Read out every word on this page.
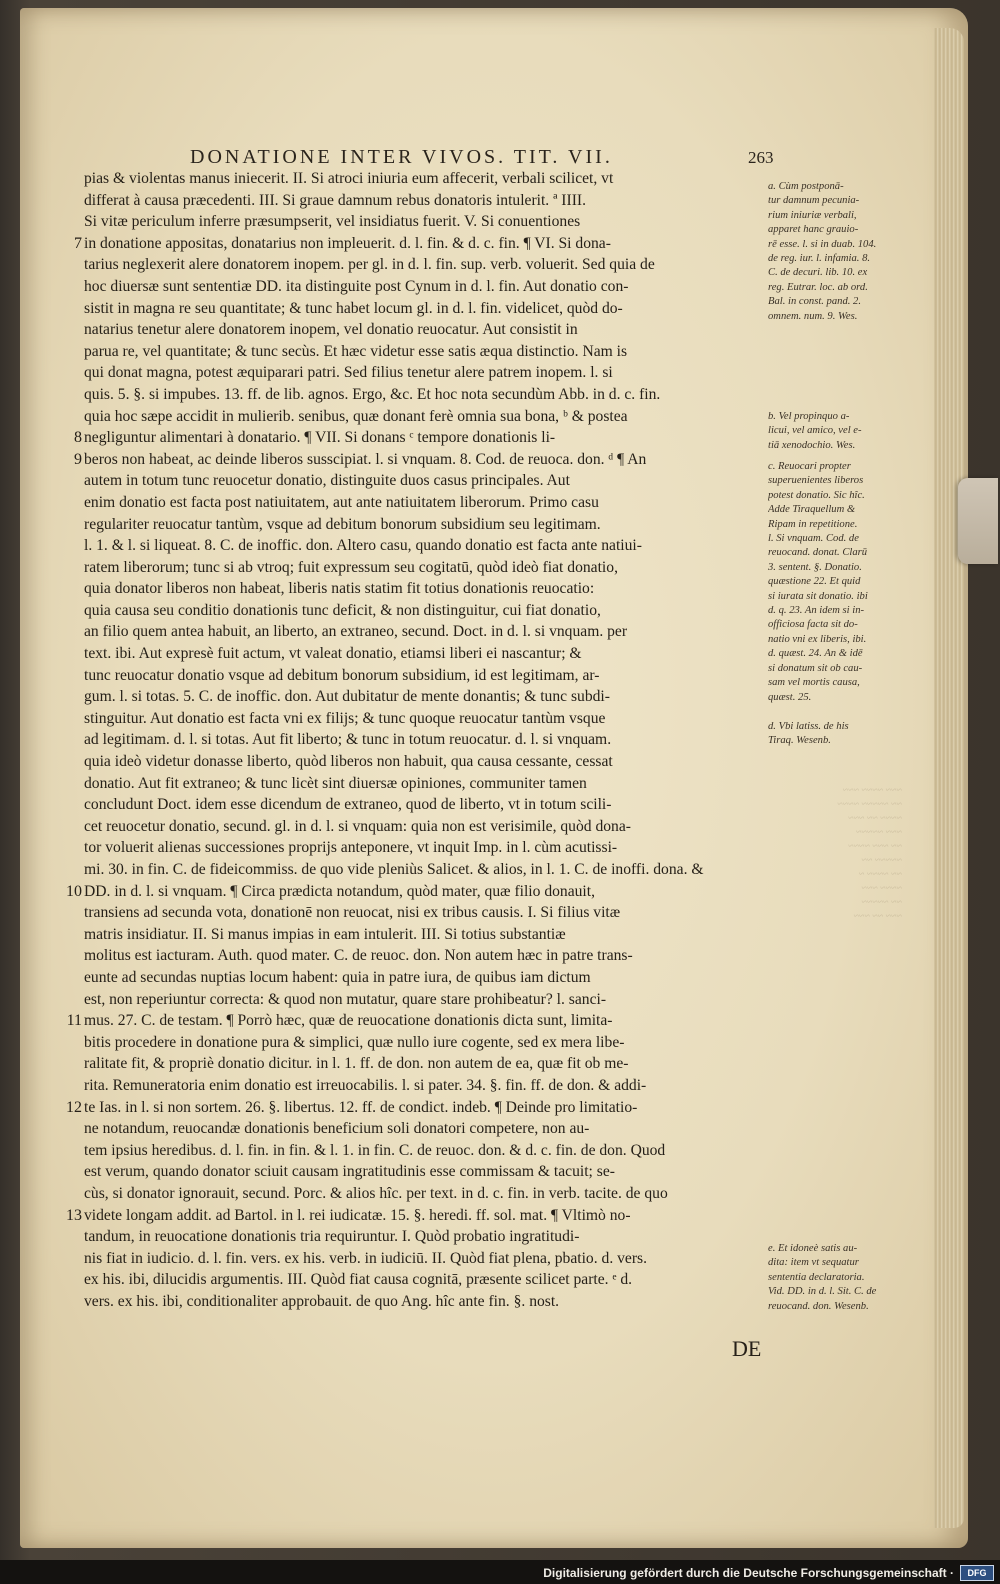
DONATIONE INTER VIVOS. TIT. VII.	263
pias & violentas manus iniecerit. II. Si atroci iniuria eum affecerit, verbali scilicet, vt
differat à causa præcedenti. III. Si graue damnum rebus donatoris intulerit. ª IIII.
Si vitæ periculum inferre præsumpserit, vel insidiatus fuerit. V. Si conuentiones
7 in donatione appositas, donatarius non impleuerit. d. l. fin. & d. c. fin. ¶ VI. Si dona-
tarius neglexerit alere donatorem inopem. per gl. in d. l. fin. sup. verb. voluerit. Sed quia de
hoc diuersæ sunt sententiæ DD. ita distinguite post Cynum in d. l. fin. Aut donatio con-
sistit in magna re seu quantitate; & tunc habet locum gl. in d. l. fin. videlicet, quòd do-
natarius tenetur alere donatorem inopem, vel donatio reuocatur. Aut consistit in
parua re, vel quantitate; & tunc secùs. Et hæc videtur esse satis æqua distinctio. Nam is
qui donat magna, potest æquiparari patri. Sed filius tenetur alere patrem inopem. l. si
quis. 5. §. si impubes. 13. ff. de lib. agnos. Ergo, &c. Et hoc nota secundùm Abb. in d. c. fin.
quia hoc sæpe accidit in mulierib. senibus, quæ donant ferè omnia sua bona, ᵇ & postea
8 negliguntur alimentari à donatario. ¶ VII. Si donans ᶜ tempore donationis li-
9 beros non habeat, ac deinde liberos susscipiat. l. si vnquam. 8. Cod. de reuoca. don. ᵈ ¶ An
autem in totum tunc reuocetur donatio, distinguite duos casus principales. Aut
enim donatio est facta post natiuitatem, aut ante natiuitatem liberorum. Primo casu
regulariter reuocatur tantùm, vsque ad debitum bonorum subsidium seu legitimam.
l. 1. & l. si liqueat. 8. C. de inoffic. don. Altero casu, quando donatio est facta ante natiui-
ratem liberorum; tunc si ab vtroq; fuit expressum seu cogitatū, quòd ideò fiat donatio,
quia donator liberos non habeat, liberis natis statim fit totius donationis reuocatio:
quia causa seu conditio donationis tunc deficit, & non distinguitur, cui fiat donatio,
an filio quem antea habuit, an liberto, an extraneo, secund. Doct. in d. l. si vnquam. per
text. ibi. Aut expresè fuit actum, vt valeat donatio, etiamsi liberi ei nascantur; &
tunc reuocatur donatio vsque ad debitum bonorum subsidium, id est legitimam, ar-
gum. l. si totas. 5. C. de inoffic. don. Aut dubitatur de mente donantis; & tunc subdi-
stinguitur. Aut donatio est facta vni ex filijs; & tunc quoque reuocatur tantùm vsque
ad legitimam. d. l. si totas. Aut fit liberto; & tunc in totum reuocatur. d. l. si vnquam.
quia ideò videtur donasse liberto, quòd liberos non habuit, qua causa cessante, cessat
donatio. Aut fit extraneo; & tunc licèt sint diuersæ opiniones, communiter tamen
concludunt Doct. idem esse dicendum de extraneo, quod de liberto, vt in totum scili-
cet reuocetur donatio, secund. gl. in d. l. si vnquam: quia non est verisimile, quòd dona-
tor voluerit alienas successiones proprijs anteponere, vt inquit Imp. in l. cùm acutissi-
mi. 30. in fin. C. de fideicommiss. de quo vide pleniùs Salicet. & alios, in l. 1. C. de inoffi. dona. &
10 DD. in d. l. si vnquam. ¶ Circa prædicta notandum, quòd mater, quæ filio donauit,
transiens ad secunda vota, donationē non reuocat, nisi ex tribus causis. I. Si filius vitæ
matris insidiatur. II. Si manus impias in eam intulerit. III. Si totius substantiæ
molitus est iacturam. Auth. quod mater. C. de reuoc. don. Non autem hæc in patre trans-
eunte ad secundas nuptias locum habent: quia in patre iura, de quibus iam dictum
est, non reperiuntur correcta: & quod non mutatur, quare stare prohibeatur? l. sanci-
11 mus. 27. C. de testam. ¶ Porrò hæc, quæ de reuocatione donationis dicta sunt, limita-
bitis procedere in donatione pura & simplici, quæ nullo iure cogente, sed ex mera libe-
ralitate fit, & propriè donatio dicitur. in l. 1. ff. de don. non autem de ea, quæ fit ob me-
rita. Remuneratoria enim donatio est irreuocabilis. l. si pater. 34. §. fin. ff. de don. & addi-
12 te Ias. in l. si non sortem. 26. §. libertus. 12. ff. de condict. indeb. ¶ Deinde pro limitatio-
ne notandum, reuocandæ donationis beneficium soli donatori competere, non au-
tem ipsius heredibus. d. l. fin. in fin. & l. 1. in fin. C. de reuoc. don. & d. c. fin. de don. Quod
est verum, quando donator sciuit causam ingratitudinis esse commissam & tacuit; se-
cùs, si donator ignorauit, secund. Porc. & alios hîc. per text. in d. c. fin. in verb. tacite. de quo
13 videte longam addit. ad Bartol. in l. rei iudicatæ. 15. §. heredi. ff. sol. mat. ¶ Vltimò no-
tandum, in reuocatione donationis tria requiruntur. I. Quòd probatio ingratitudi-
nis fiat in iudicio. d. l. fin. vers. ex his. verb. in iudiciū. II. Quòd fiat plena, pbatio. d. vers.
ex his. ibi, dilucidis argumentis. III. Quòd fiat causa cognitā, præsente scilicet parte. ᵉ d.
vers. ex his. ibi, conditionaliter approbauit. de quo Ang. hîc ante fin. §. nost.
a. Cùm postponā-
tur damnum pecunia-
rium iniuriæ verbali,
apparet hanc grauio-
rē esse. l. si in duab. 104.
de reg. iur. l. infamia. 8.
C. de decuri. lib. 10. ex
reg. Eutrar. loc. ab ord.
Bal. in const. pand. 2.
omnem. num. 9. Wes.
b. Vel propinquo a-
licui, vel amico, vel e-
tiā xenodochio. Wes.
c. Reuocari propter
superuenientes liberos
potest donatio. Sic hîc.
Adde Tiraquellum &
Ripam in repetitione.
l. Si vnquam. Cod. de
reuocand. donat. Clarū
3. sentent. §. Donatio.
quæstione 22. Et quid
si iurata sit donatio. ibi
d. q. 23. An idem si in-
officiosa facta sit do-
natio vni ex liberis, ibi.
d. quæst. 24. An & idē
si donatum sit ob cau-
sam vel mortis causa,
quæst. 25.
d. Vbi latiss. de his
Tiraq. Wesenb.
e. Et idoneè satis au-
dita: item vt sequatur
sententia declaratoria.
Vid. DD. in d. l. Sit. C. de
reuocand. don. Wesenb.
~~~ ~~~~ ~~~
~~ ~~~~~ ~~~~
~~~~ ~~ ~~~
~~~ ~~~~~
~~ ~~~ ~~~~
~~~~~ ~~
~~ ~~~~ ~
~~~~ ~~~
~~ ~~~~~
~~~ ~~ ~~~
DE
Digitalisierung gefördert durch die Deutsche Forschungsgemeinschaft ·	DFG
